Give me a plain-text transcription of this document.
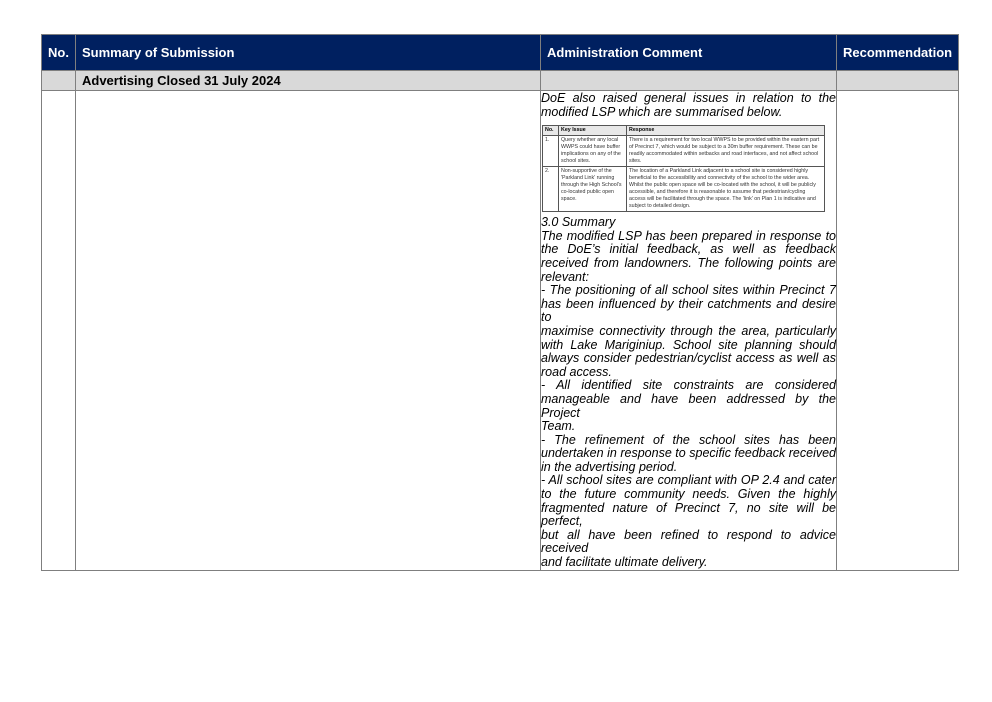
No.	Summary of Submission	Administration Comment	Recommendation
	Advertising Closed 31 July 2024		

DoE also raised general issues in relation to the
modified LSP which are summarised below.
No.	Key Issue	Response
1.	Query whether any local WWPS could have buffer implications on any of the school sites.	There is a requirement for two local WWPS to be provided within the eastern part of Precinct 7, which would be subject to a 30m buffer requirement. These can be readily accommodated within setbacks and road interfaces, and not affect school sites.
2.	Non-supportive of the 'Parkland Link' running through the High School's co-located public open space.	The location of a Parkland Link adjacent to a school site is considered highly beneficial to the accessibility and connectivity of the school to the wider area. Whilst the public open space will be co-located with the school, it will be publicly accessible, and therefore it is reasonable to assume that pedestrian/cycling access will be facilitated through the space. The 'link' on Plan 1 is indicative and subject to detailed design.
3.0 Summary
The modified LSP has been prepared in response to
the DoE’s initial feedback, as well as feedback
received from landowners. The following points are
relevant:
- The positioning of all school sites within Precinct 7
has been influenced by their catchments and desire to
maximise connectivity through the area, particularly
with Lake Mariginiup. School site planning should
always consider pedestrian/cyclist access as well as
road access.
- All identified site constraints are considered
manageable and have been addressed by the Project
Team.
- The refinement of the school sites has been
undertaken in response to specific feedback received
in the advertising period.
- All school sites are compliant with OP 2.4 and cater
to the future community needs. Given the highly
fragmented nature of Precinct 7, no site will be perfect,
but all have been refined to respond to advice received
and facilitate ultimate delivery.
